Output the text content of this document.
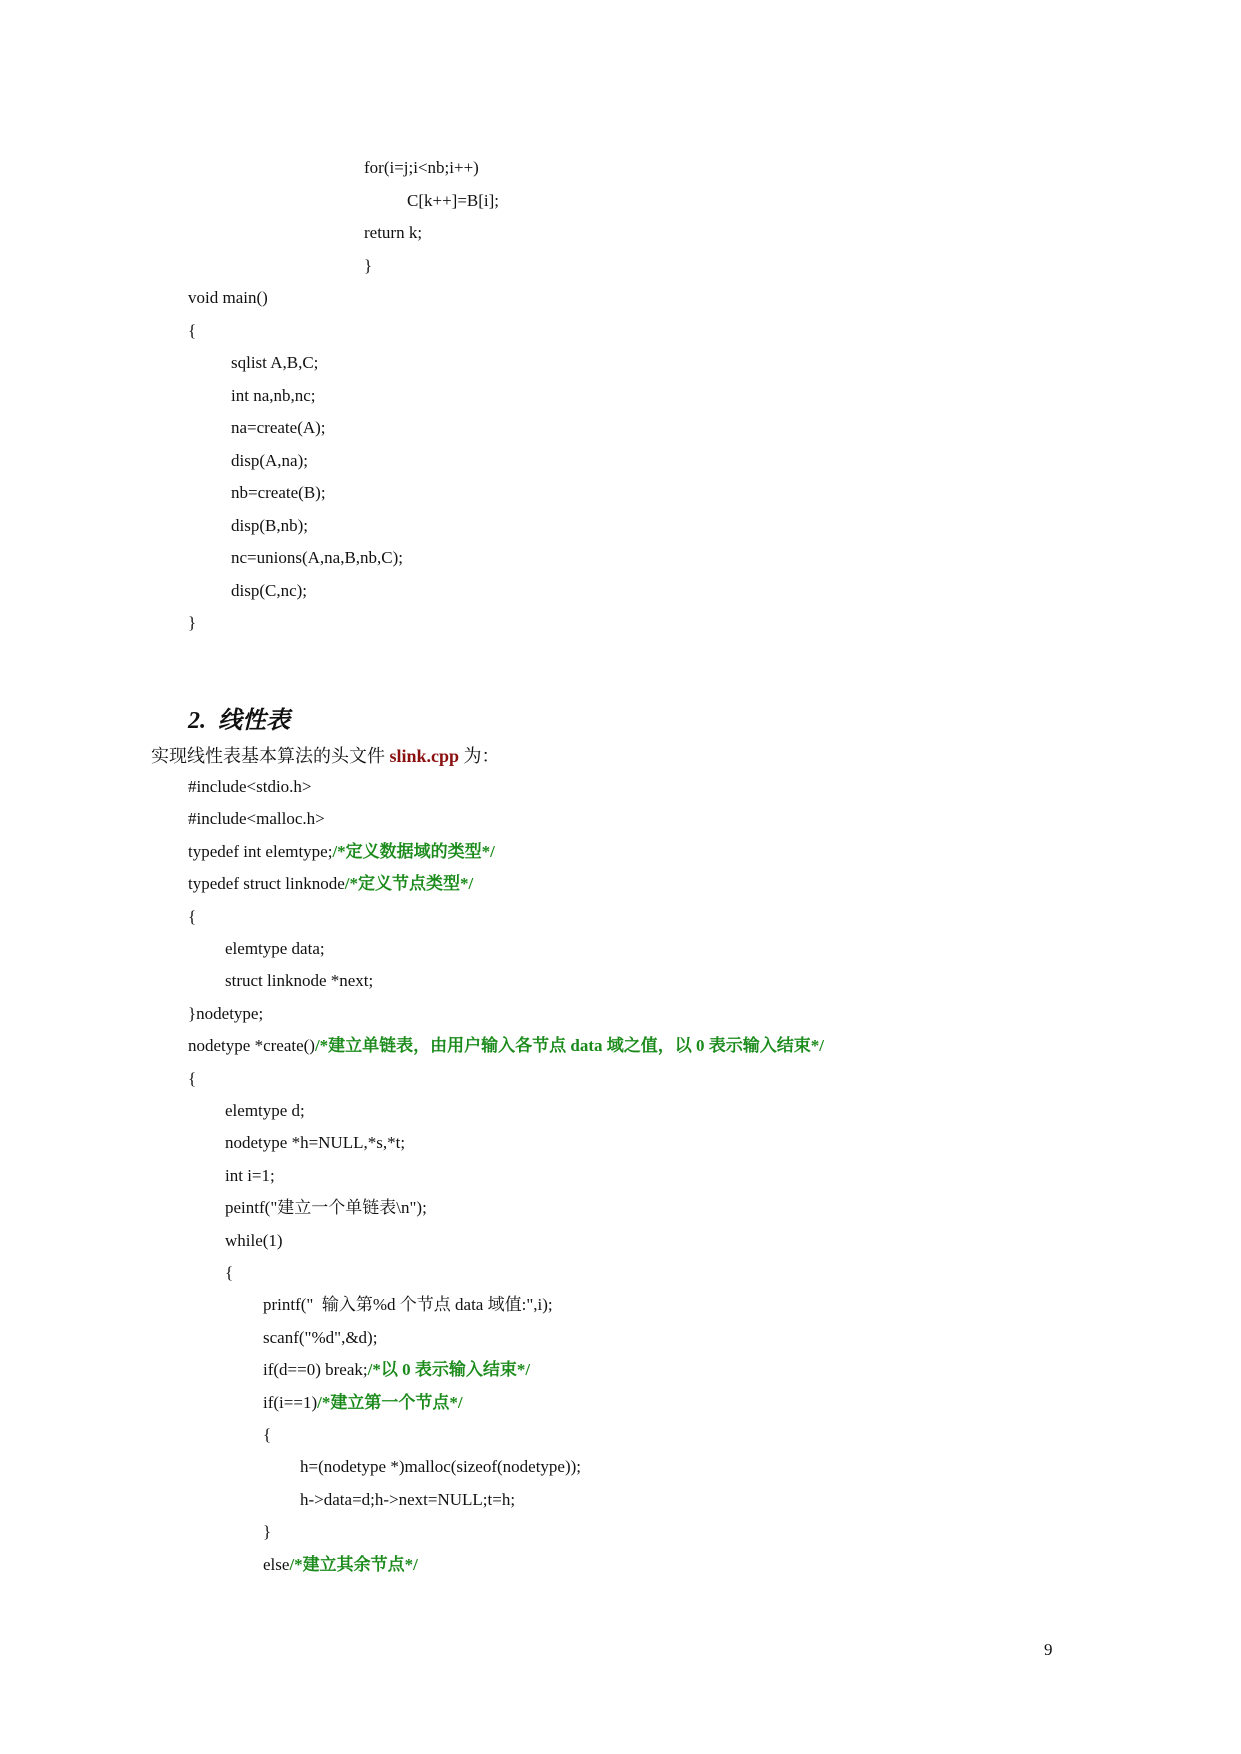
for(i=j;i<nb;i++)
C[k++]=B[i];
return k;
}
void main()
{
sqlist A,B,C;
int na,nb,nc;
na=create(A);
disp(A,na);
nb=create(B);
disp(B,nb);
nc=unions(A,na,B,nb,C);
disp(C,nc);
}
2. 线性表
实现线性表基本算法的头文件 slink.cpp 为：
#include<stdio.h>
#include<malloc.h>
typedef int elemtype;/*定义数据域的类型*/
typedef struct linknode/*定义节点类型*/
{
elemtype data;
struct linknode *next;
}nodetype;
nodetype *create()/*建立单链表，由用户输入各节点 data 域之值，以 0 表示输入结束*/
{
elemtype d;
nodetype *h=NULL,*s,*t;
int i=1;
peintf("建立一个单链表\n");
while(1)
{
printf("  输入第%d 个节点 data 域值:",i);
scanf("%d",&d);
if(d==0) break;/*以 0 表示输入结束*/
if(i==1)/*建立第一个节点*/
{
h=(nodetype *)malloc(sizeof(nodetype));
h->data=d;h->next=NULL;t=h;
}
else/*建立其余节点*/
9
